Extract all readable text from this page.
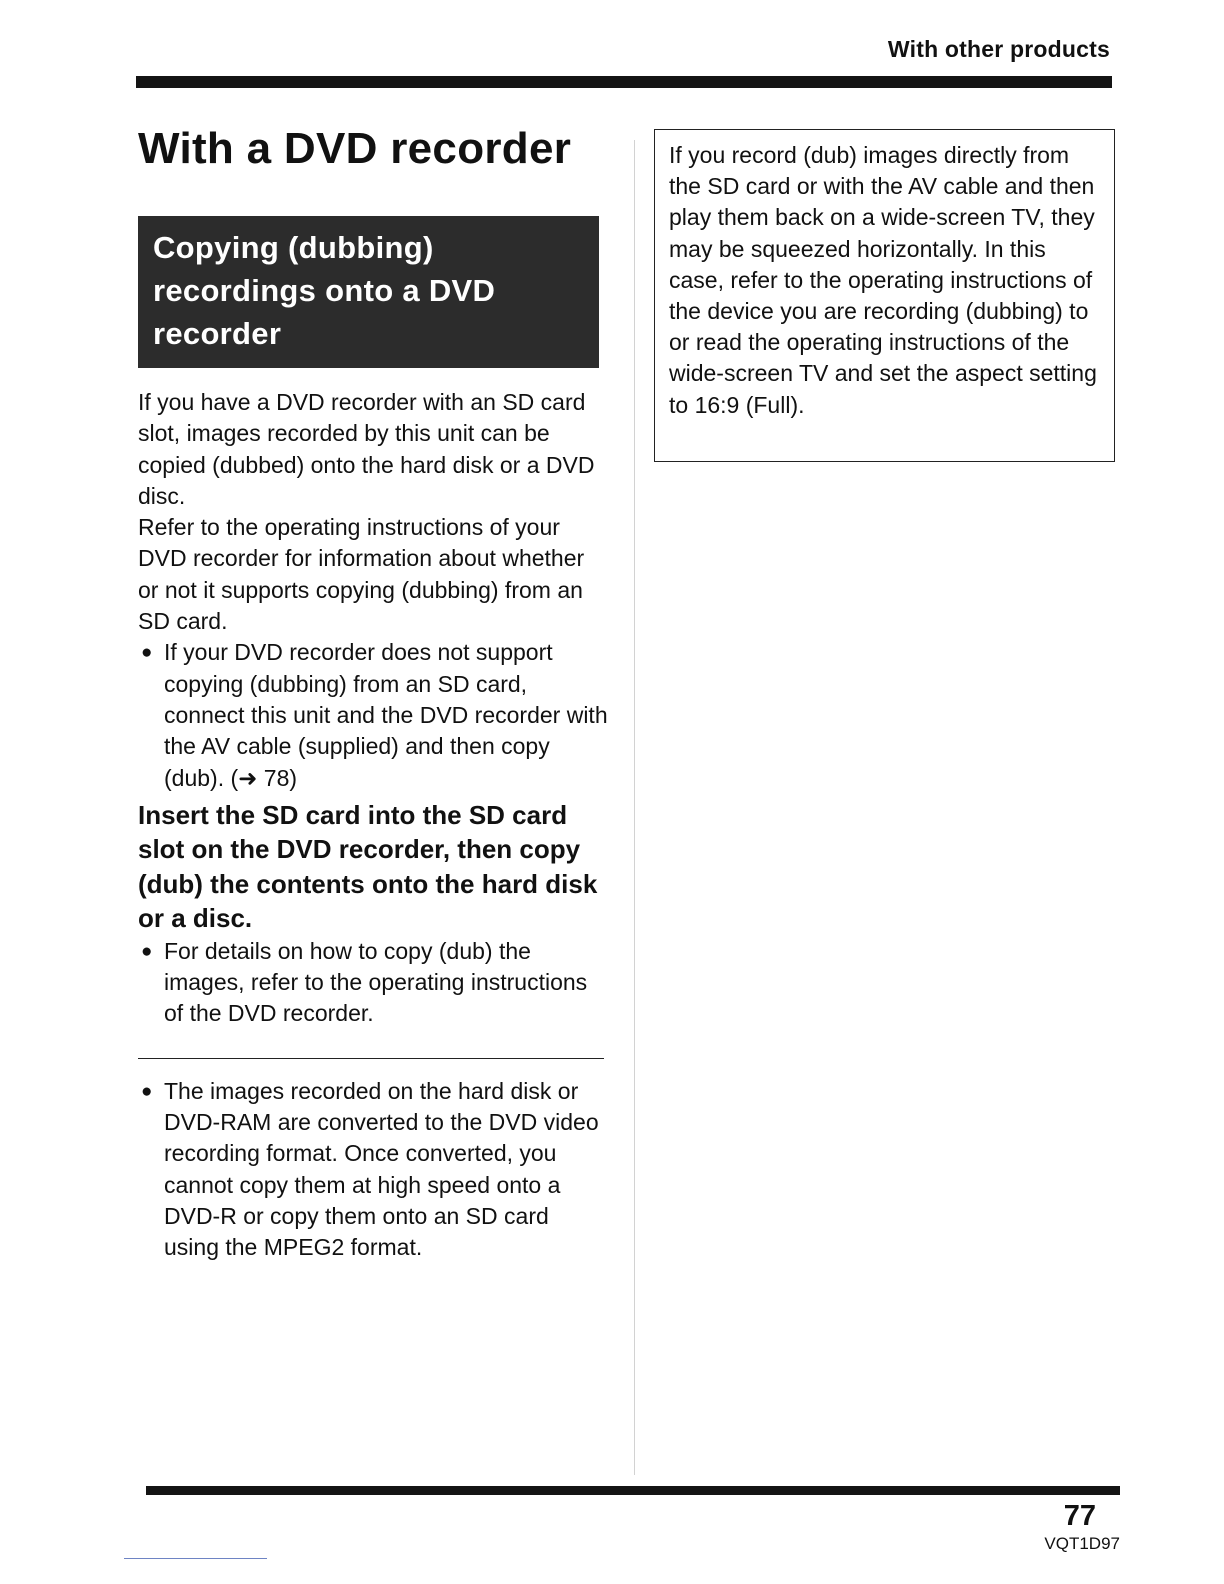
With other products
With a DVD recorder
Copying (dubbing) recordings onto a DVD recorder

If you have a DVD recorder with an SD card slot, images recorded by this unit can be copied (dubbed) onto the hard disk or a DVD disc.

Refer to the operating instructions of your DVD recorder for information about whether or not it supports copying (dubbing) from an SD card.

● If your DVD recorder does not support copying (dubbing) from an SD card, connect this unit and the DVD recorder with the AV cable (supplied) and then copy (dub). (➜ 78)

Insert the SD card into the SD card slot on the DVD recorder, then copy (dub) the contents onto the hard disk or a disc.

● For details on how to copy (dub) the images, refer to the operating instructions of the DVD recorder.
● The images recorded on the hard disk or DVD-RAM are converted to the DVD video recording format. Once converted, you cannot copy them at high speed onto a DVD-R or copy them onto an SD card using the MPEG2 format.

If you record (dub) images directly from the SD card or with the AV cable and then play them back on a wide-screen TV, they may be squeezed horizontally. In this case, refer to the operating instructions of the device you are recording (dubbing) to or read the operating instructions of the wide-screen TV and set the aspect setting to 16:9 (Full).

77
VQT1D97
